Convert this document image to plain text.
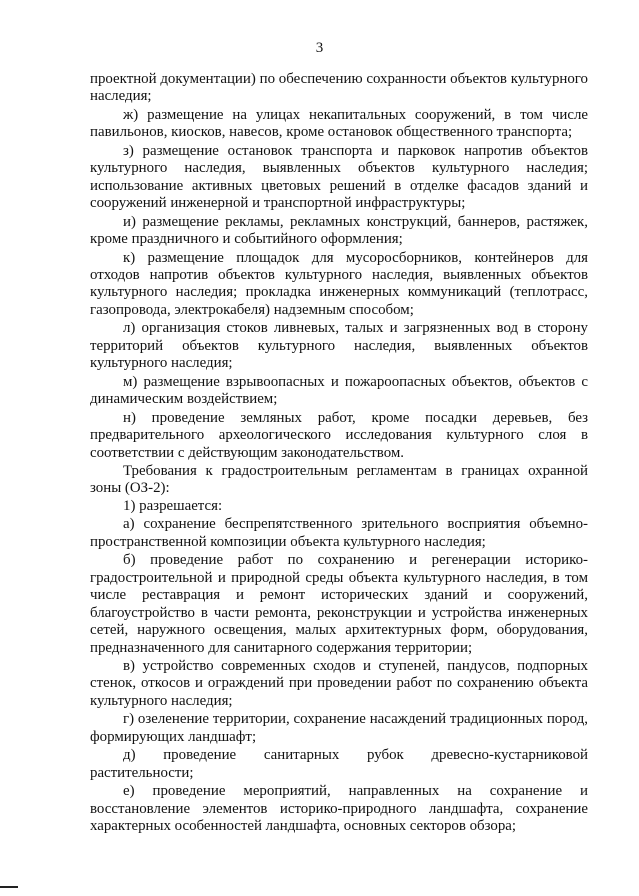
3

проектной документации) по обеспечению сохранности объектов культурного наследия;

ж) размещение на улицах некапитальных сооружений, в том числе павильонов, киосков, навесов, кроме остановок общественного транспорта;

з) размещение остановок транспорта и парковок напротив объектов культурного наследия, выявленных объектов культурного наследия; использование активных цветовых решений в отделке фасадов зданий и сооружений инженерной и транспортной инфраструктуры;

и) размещение рекламы, рекламных конструкций, баннеров, растяжек, кроме праздничного и событийного оформления;

к) размещение площадок для мусоросборников, контейнеров для отходов напротив объектов культурного наследия, выявленных объектов культурного наследия; прокладка инженерных коммуникаций (теплотрасс, газопровода, электрокабеля) надземным способом;

л) организация стоков ливневых, талых и загрязненных вод в сторону территорий объектов культурного наследия, выявленных объектов культурного наследия;

м) размещение взрывоопасных и пожароопасных объектов, объектов с динамическим воздействием;

н) проведение земляных работ, кроме посадки деревьев, без предварительного археологического исследования культурного слоя в соответствии с действующим законодательством.

Требования к градостроительным регламентам в границах охранной зоны (ОЗ-2):

1) разрешается:

а) сохранение беспрепятственного зрительного восприятия объемно-пространственной композиции объекта культурного наследия;

б) проведение работ по сохранению и регенерации историко-градостроительной и природной среды объекта культурного наследия, в том числе реставрация и ремонт исторических зданий и сооружений, благоустройство в части ремонта, реконструкции и устройства инженерных сетей, наружного освещения, малых архитектурных форм, оборудования, предназначенного для санитарного содержания территории;

в) устройство современных сходов и ступеней, пандусов, подпорных стенок, откосов и ограждений при проведении работ по сохранению объекта культурного наследия;

г) озеленение территории, сохранение насаждений традиционных пород, формирующих ландшафт;

д) проведение санитарных рубок древесно-кустарниковой растительности;

е) проведение мероприятий, направленных на сохранение и восстановление элементов историко-природного ландшафта, сохранение характерных особенностей ландшафта, основных секторов обзора;
